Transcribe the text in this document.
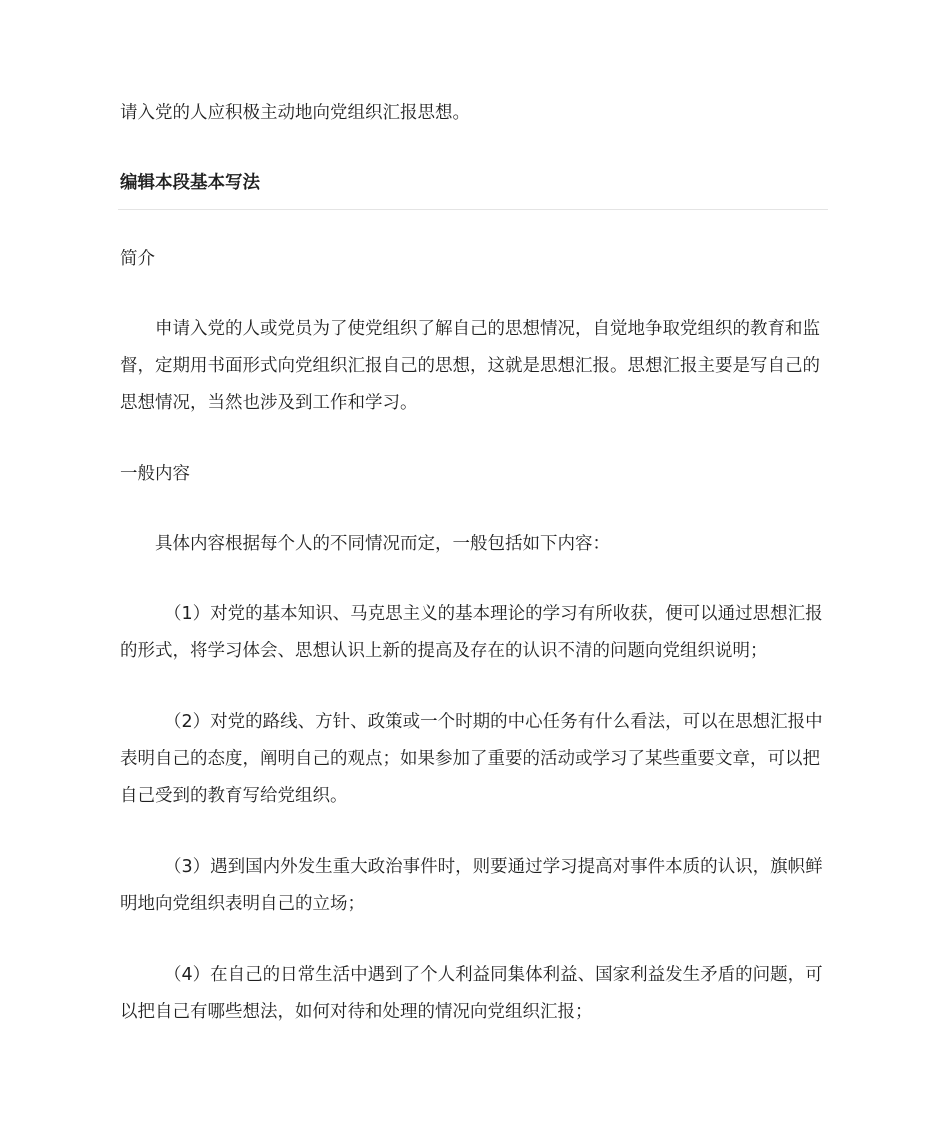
请入党的人应积极主动地向党组织汇报思想。

编辑本段基本写法

简介

申请入党的人或党员为了使党组织了解自己的思想情况，自觉地争取党组织的教育和监督，定期用书面形式向党组织汇报自己的思想，这就是思想汇报。思想汇报主要是写自己的思想情况，当然也涉及到工作和学习。

一般内容

具体内容根据每个人的不同情况而定，一般包括如下内容：

（1）对党的基本知识、马克思主义的基本理论的学习有所收获，便可以通过思想汇报的形式，将学习体会、思想认识上新的提高及存在的认识不清的问题向党组织说明；

（2）对党的路线、方针、政策或一个时期的中心任务有什么看法，可以在思想汇报中表明自己的态度，阐明自己的观点；如果参加了重要的活动或学习了某些重要文章，可以把自己受到的教育写给党组织。

（3）遇到国内外发生重大政治事件时，则要通过学习提高对事件本质的认识，旗帜鲜明地向党组织表明自己的立场；

（4）在自己的日常生活中遇到了个人利益同集体利益、国家利益发生矛盾的问题，可以把自己有哪些想法，如何对待和处理的情况向党组织汇报；
